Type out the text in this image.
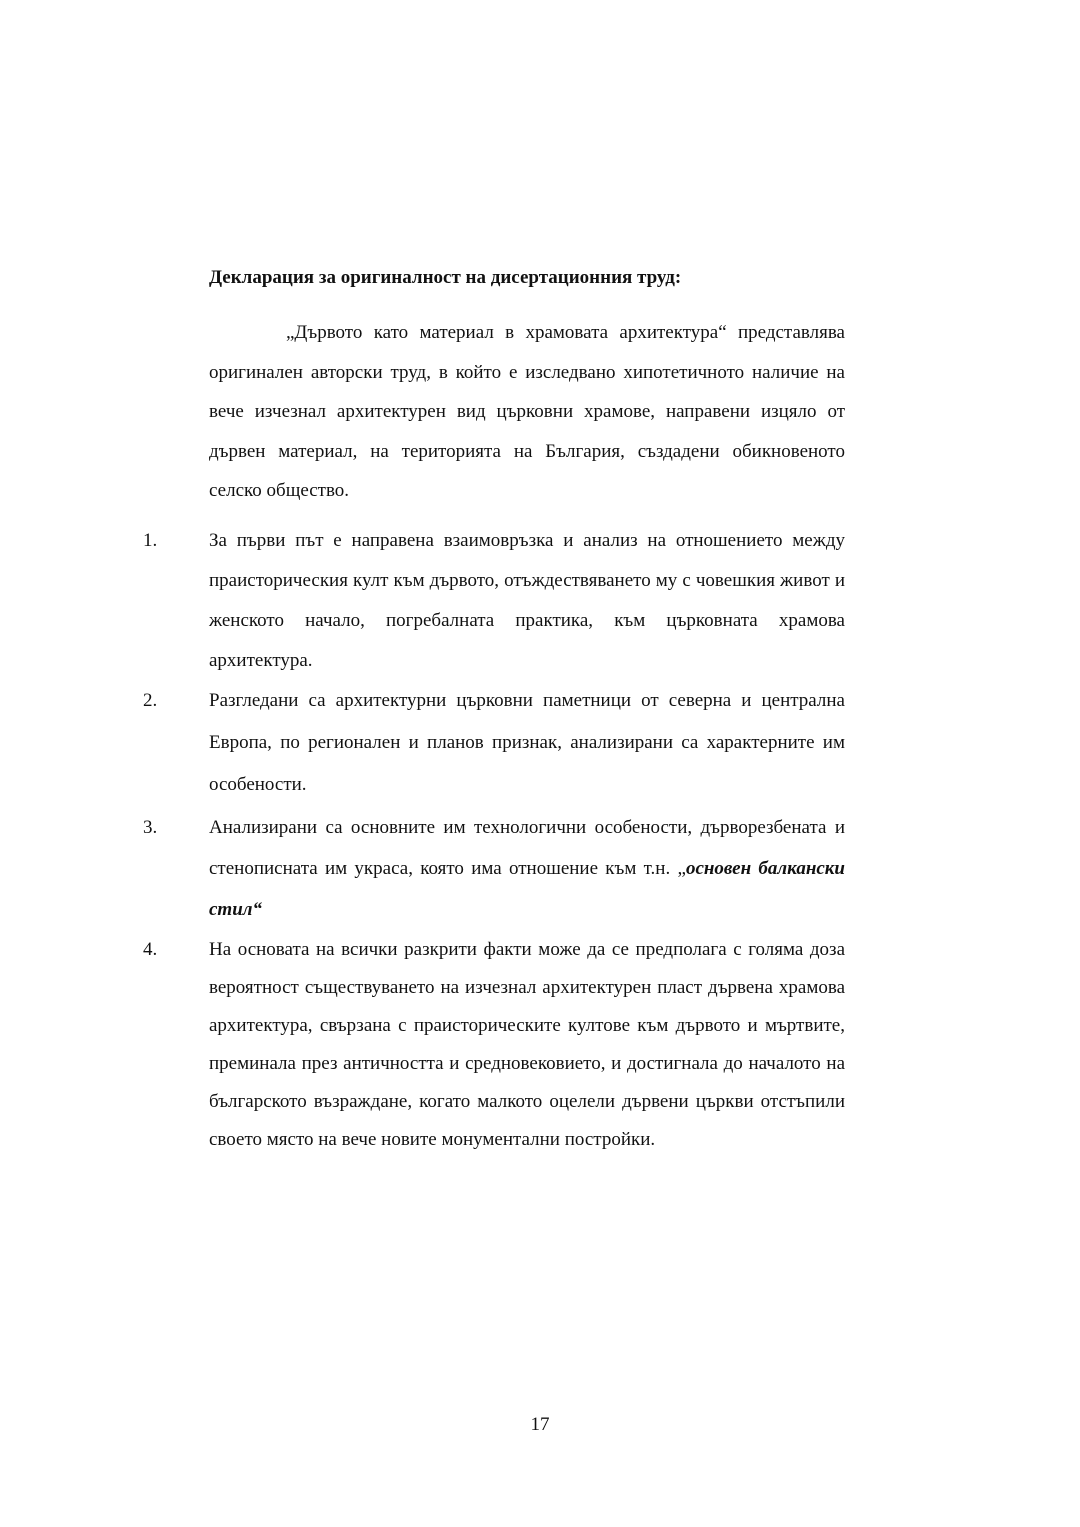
Декларация за оригиналност на дисертационния труд:

„Дървото като материал в храмовата архитектура“ представлява оригинален авторски труд, в който е изследвано хипотетичното наличие на вече изчезнал архитектурен вид църковни храмове, направени изцяло от дървен материал, на територията на България, създадени обикновеното селско общество.

1.	За първи път е направена взаимовръзка и анализ на отношението между праисторическия култ към дървото, отъждествяването му с човешкия живот и женското начало, погребалната практика, към църковната храмова архитектура.

2.	Разгледани са архитектурни църковни паметници от северна и централна Европа, по регионален и планов признак, анализирани са характерните им особености.

3.	Анализирани са основните им технологични особености, дърворезбената и стенописната им украса, която има отношение към т.н. „основен балкански стил“

4.	На основата на всички разкрити факти може да се предполага с голяма доза вероятност съществуването на изчезнал архитектурен пласт дървена храмова архитектура, свързана с праисторическите култове към дървото и мъртвите, преминала през античността и средновековието, и достигнала до началото на българското възраждане, когато малкото оцелели дървени църкви отстъпили своето място на вече новите монументални постройки.

17
